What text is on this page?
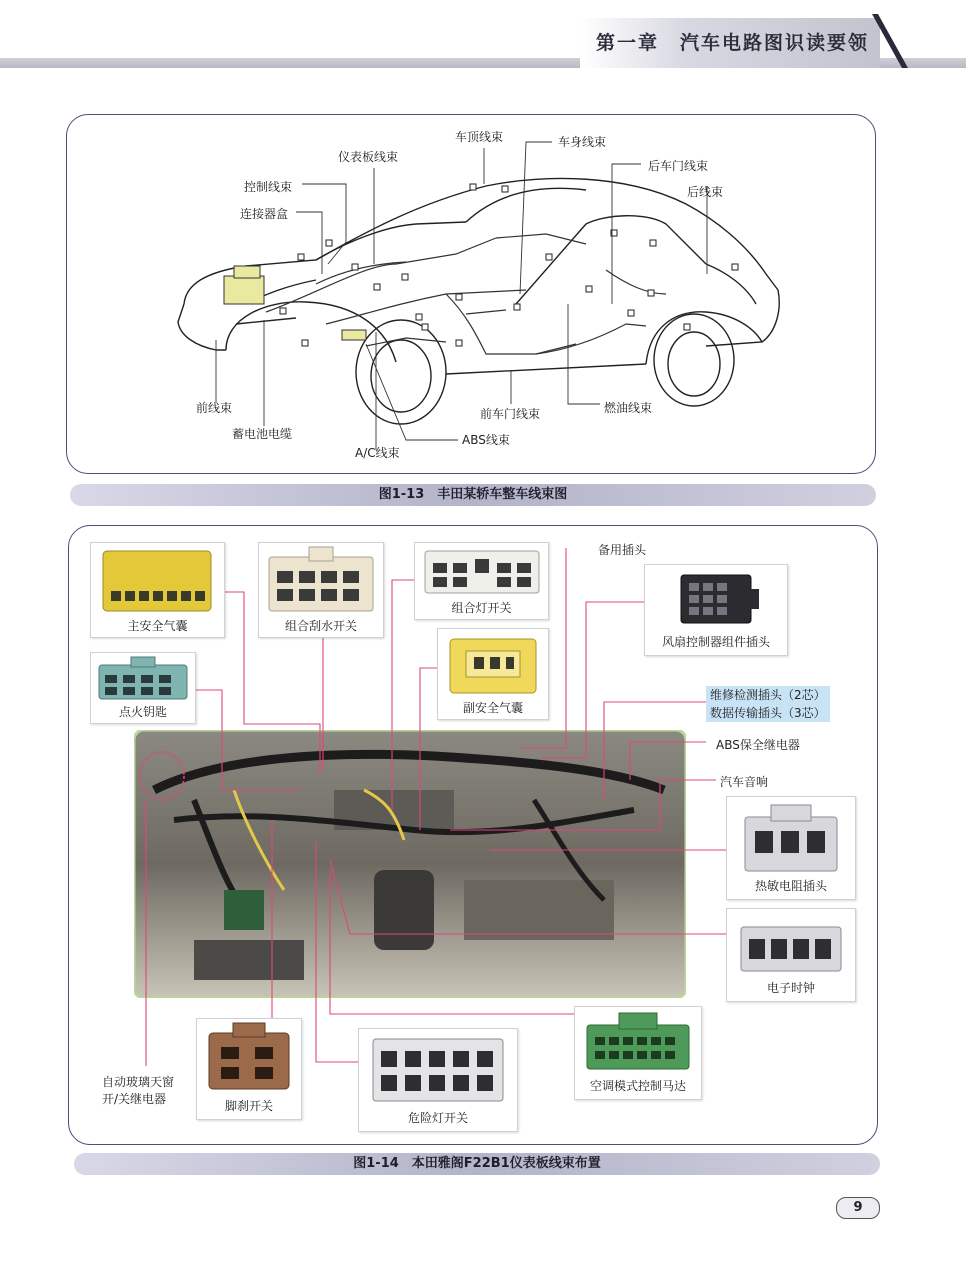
第一章　汽车电路图识读要领
车顶线束	车身线束
仪表板线束
后车门线束
控制线束	后线束
连接器盒
前线束	前车门线束	燃油线束
蓄电池电缆	ABS线束
A/C线束
图1-13　丰田某轿车整车线束图
主安全气囊	组合刮水开关
组合灯开关
备用插头
风扇控制器组件插头
点火钥匙	副安全气囊
维修检测插头（2芯）
数据传输插头（3芯）
ABS保全继电器
汽车音响
热敏电阻插头
电子时钟
自动玻璃天窗
开/关继电器	脚刹开关
危险灯开关
空调模式控制马达
图1-14　本田雅阁F22B1仪表板线束布置
9
